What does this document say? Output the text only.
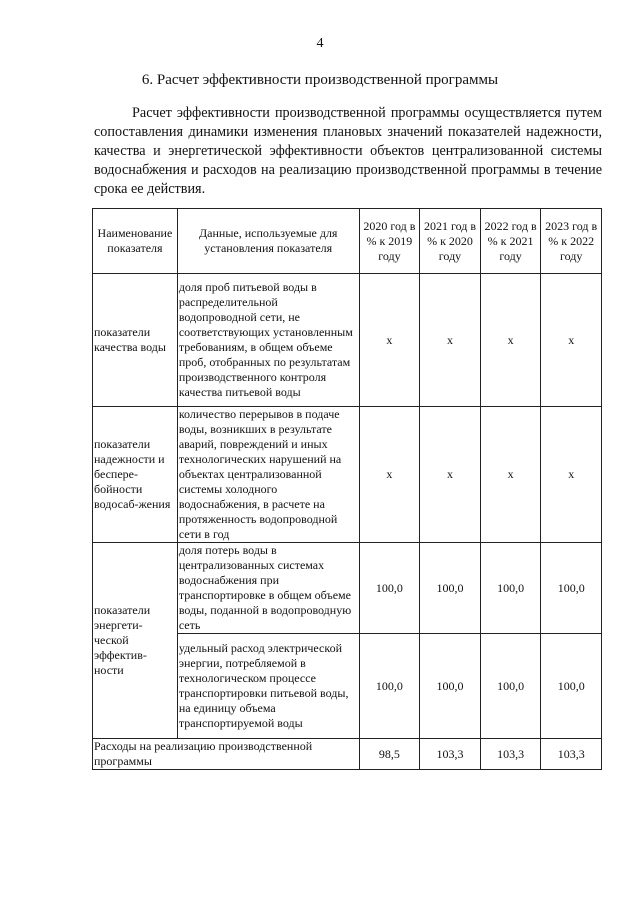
4
6. Расчет эффективности производственной программы
Расчет эффективности производственной программы осуществляется путем сопоставления динамики изменения плановых значений показателей надежности, качества и энергетической эффективности объектов централизованной системы водоснабжения и расходов на реализацию производственной программы в течение срока ее действия.
Наименование показателя	Данные, используемые для установления показателя	2020 год в % к 2019 году	2021 год в % к 2020 году	2022 год в % к 2021 году	2023 год в % к 2022 году
показатели качества воды	доля проб питьевой воды в распределительной водопроводной сети, не соответствующих установленным требованиям, в общем объеме проб, отобранных по результатам производственного контроля качества питьевой воды	x	x	x	x
показатели надежности и беспере-бойности водосаб-жения	количество перерывов в подаче воды, возникших в результате аварий, повреждений и иных технологических нарушений на объектах централизованной системы холодного водоснабжения, в расчете на протяженность водопроводной сети в год	x	x	x	x
показатели энергети-ческой эффектив-ности	доля потерь воды в централизованных системах водоснабжения при транспортировке в общем объеме воды, поданной в водопроводную сеть	100,0	100,0	100,0	100,0
	удельный расход электрической энергии, потребляемой в технологическом процессе транспортировки питьевой воды, на единицу объема транспортируемой воды	100,0	100,0	100,0	100,0
Расходы на реализацию производственной программы		98,5	103,3	103,3	103,3
